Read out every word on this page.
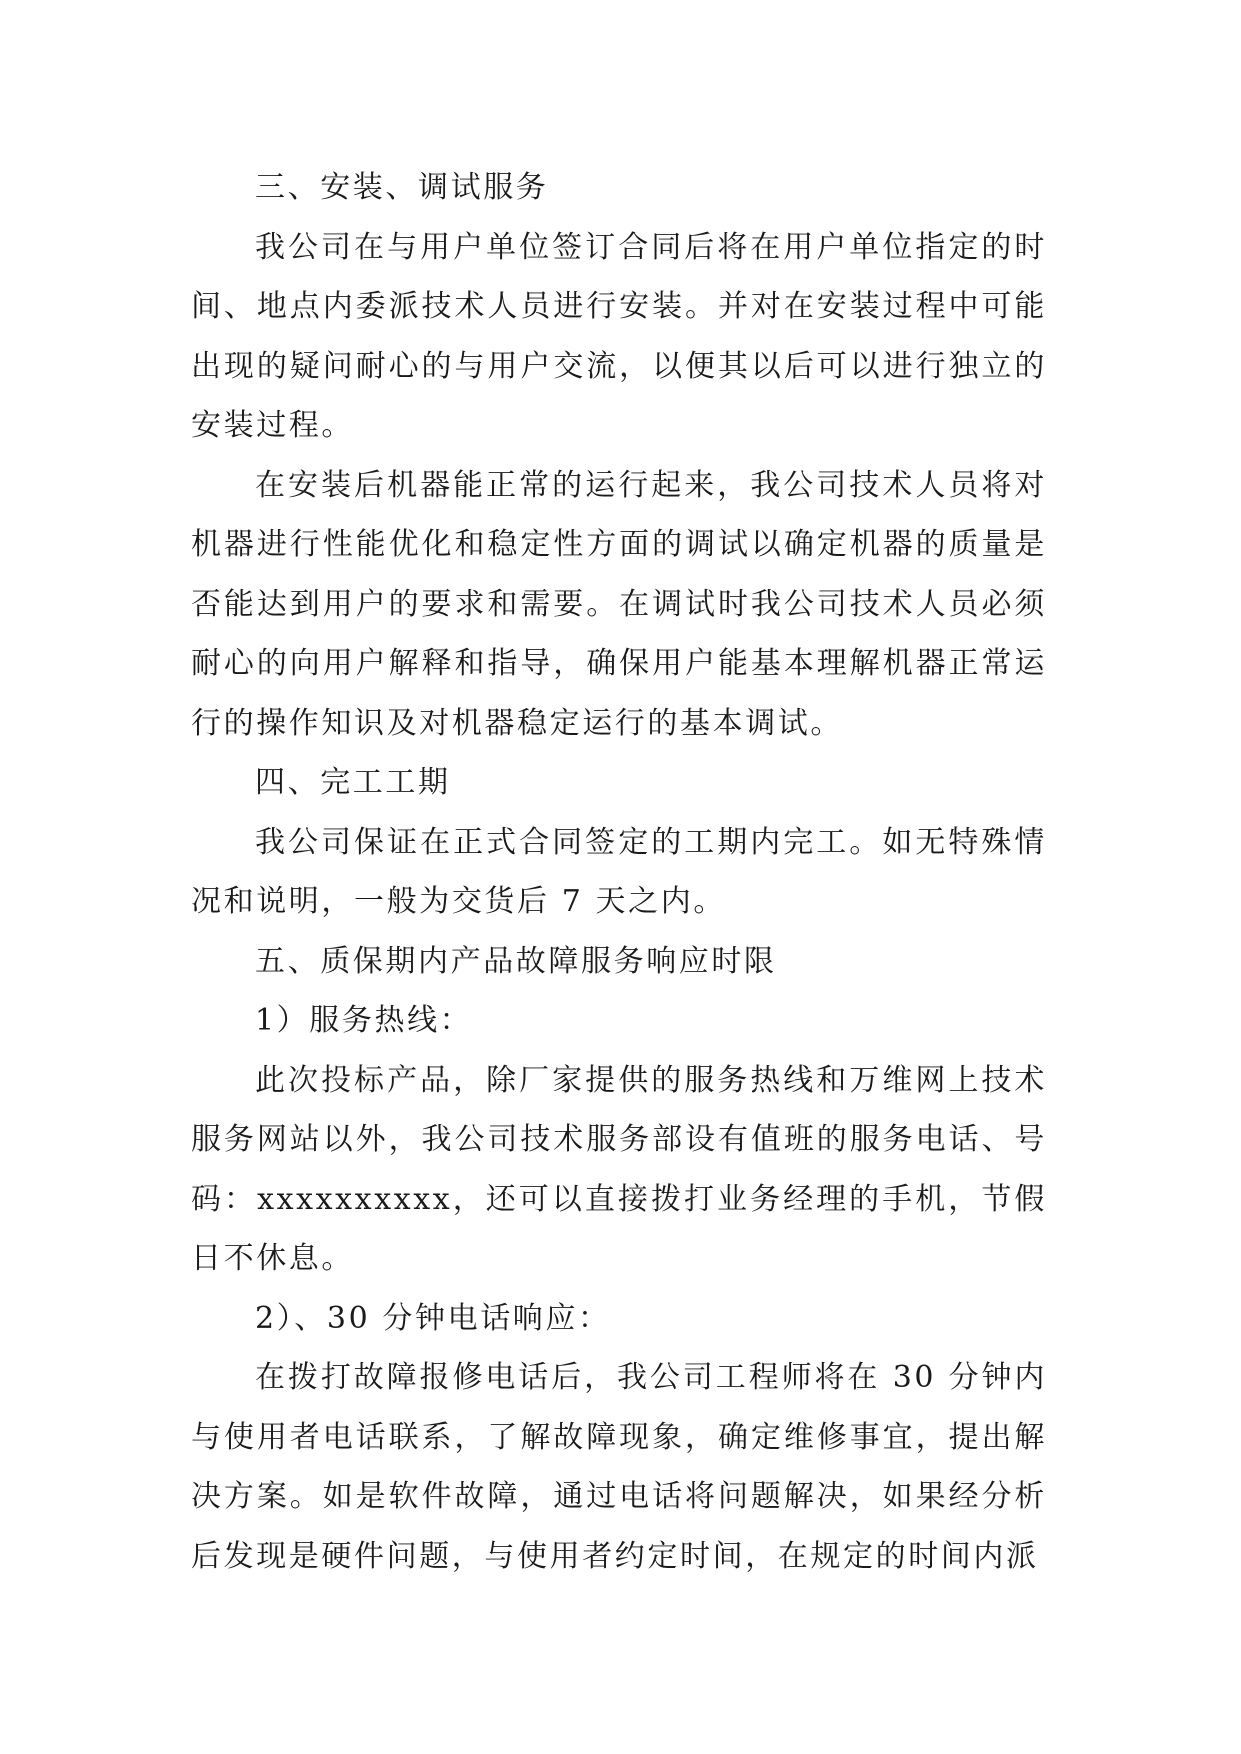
三、安装、调试服务

我公司在与用户单位签订合同后将在用户单位指定的时间、地点内委派技术人员进行安装。并对在安装过程中可能出现的疑问耐心的与用户交流，以便其以后可以进行独立的安装过程。

在安装后机器能正常的运行起来，我公司技术人员将对机器进行性能优化和稳定性方面的调试以确定机器的质量是否能达到用户的要求和需要。在调试时我公司技术人员必须耐心的向用户解释和指导，确保用户能基本理解机器正常运行的操作知识及对机器稳定运行的基本调试。

四、完工工期

我公司保证在正式合同签定的工期内完工。如无特殊情况和说明，一般为交货后 7 天之内。

五、质保期内产品故障服务响应时限

1）服务热线：

此次投标产品，除厂家提供的服务热线和万维网上技术服务网站以外，我公司技术服务部设有值班的服务电话、号码：xxxxxxxxxx，还可以直接拨打业务经理的手机，节假日不休息。

2）、30 分钟电话响应：

在拨打故障报修电话后，我公司工程师将在 30 分钟内与使用者电话联系，了解故障现象，确定维修事宜，提出解决方案。如是软件故障，通过电话将问题解决，如果经分析后发现是硬件问题，与使用者约定时间，在规定的时间内派
